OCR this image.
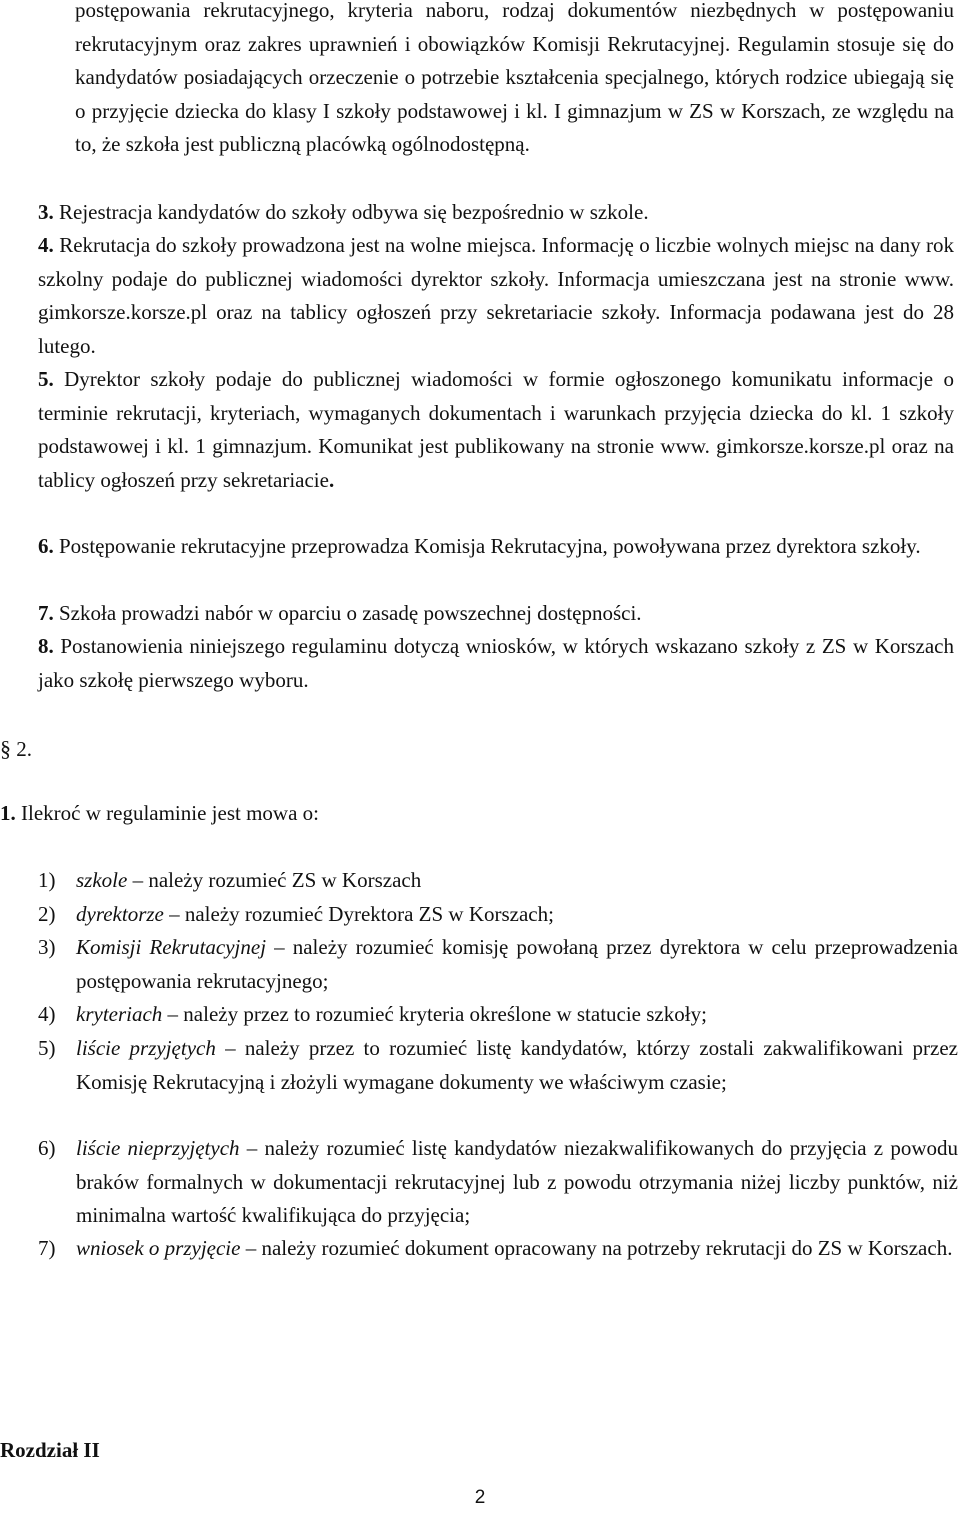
postępowania rekrutacyjnego, kryteria naboru, rodzaj dokumentów niezbędnych w postępowaniu rekrutacyjnym oraz zakres uprawnień i obowiązków Komisji Rekrutacyjnej. Regulamin stosuje się do kandydatów posiadających orzeczenie o potrzebie kształcenia specjalnego, których rodzice ubiegają się o przyjęcie dziecka do klasy I szkoły podstawowej i kl. I gimnazjum w ZS w Korszach, ze względu na to, że szkoła jest publiczną placówką ogólnodostępną.
3. Rejestracja kandydatów do szkoły odbywa się bezpośrednio w szkole.
4. Rekrutacja do szkoły prowadzona jest na wolne miejsca. Informację o liczbie wolnych miejsc na dany rok szkolny podaje do publicznej wiadomości dyrektor szkoły. Informacja umieszczana jest na stronie www. gimkorsze.korsze.pl oraz na tablicy ogłoszeń przy sekretariacie szkoły. Informacja podawana jest do 28 lutego.
5. Dyrektor szkoły podaje do publicznej wiadomości w formie ogłoszonego komunikatu informacje o terminie rekrutacji, kryteriach, wymaganych dokumentach i warunkach przyjęcia dziecka do kl. 1 szkoły podstawowej i kl. 1 gimnazjum. Komunikat jest publikowany na stronie www. gimkorsze.korsze.pl oraz na tablicy ogłoszeń przy sekretariacie.
6. Postępowanie rekrutacyjne przeprowadza Komisja Rekrutacyjna, powoływana przez dyrektora szkoły.
7. Szkoła prowadzi nabór w oparciu o zasadę powszechnej dostępności.
8. Postanowienia niniejszego regulaminu dotyczą wniosków, w których wskazano szkoły z ZS w Korszach jako szkołę pierwszego wyboru.
§ 2.
1. Ilekroć w regulaminie jest mowa o:
1) szkole – należy rozumieć ZS w Korszach
2) dyrektorze – należy rozumieć Dyrektora ZS w Korszach;
3) Komisji Rekrutacyjnej – należy rozumieć komisję powołaną przez dyrektora w celu przeprowadzenia postępowania rekrutacyjnego;
4) kryteriach – należy przez to rozumieć kryteria określone w statucie szkoły;
5) liście przyjętych – należy przez to rozumieć listę kandydatów, którzy zostali zakwalifikowani przez Komisję Rekrutacyjną i złożyli wymagane dokumenty we właściwym czasie;
6) liście nieprzyjętych – należy rozumieć listę kandydatów niezakwalifikowanych do przyjęcia z powodu braków formalnych w dokumentacji rekrutacyjnej lub z powodu otrzymania niżej liczby punktów, niż minimalna wartość kwalifikująca do przyjęcia;
7) wniosek o przyjęcie – należy rozumieć dokument opracowany na potrzeby rekrutacji do ZS w Korszach.
Rozdział II
2
